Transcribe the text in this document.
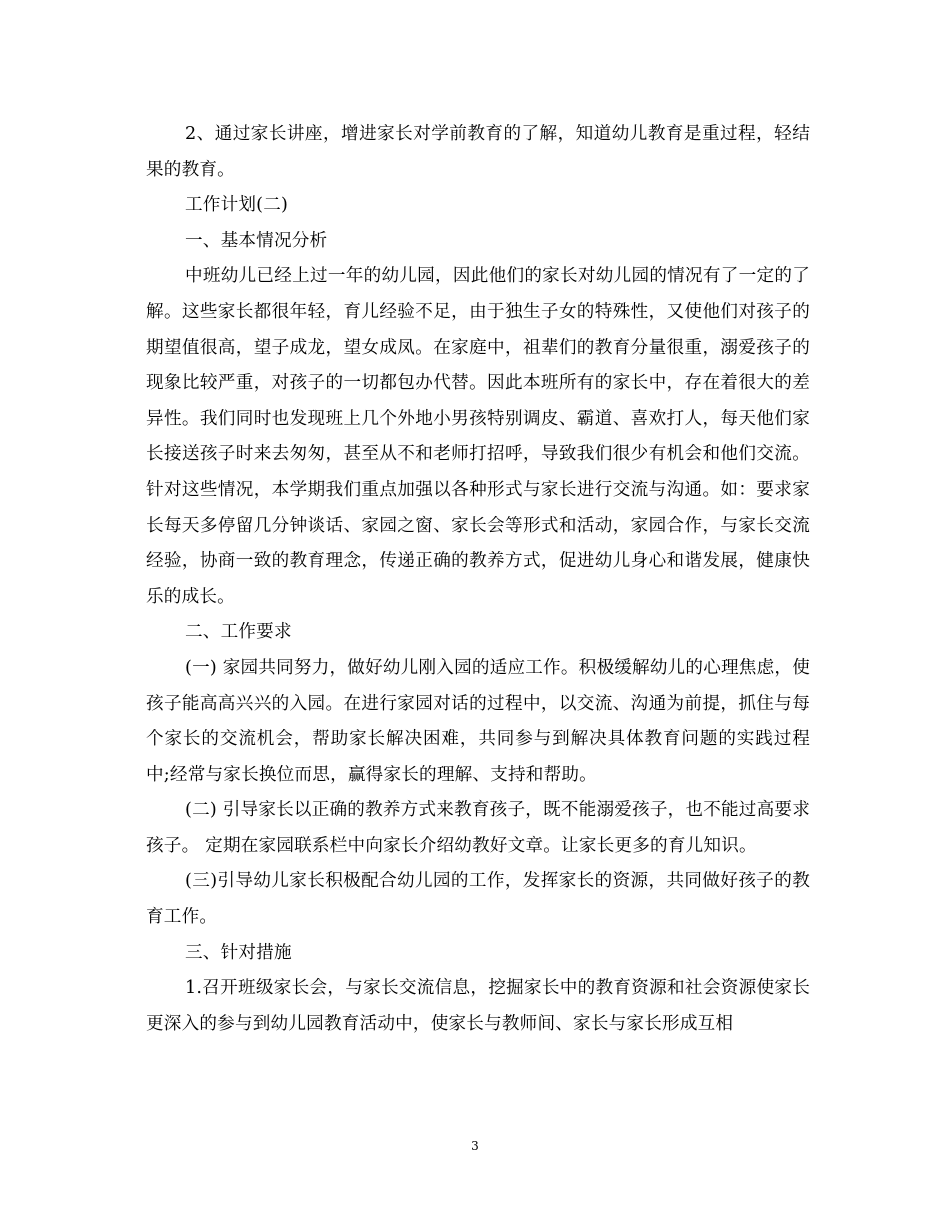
2、通过家长讲座，增进家长对学前教育的了解，知道幼儿教育是重过程，轻结果的教育。

工作计划(二)

一、基本情况分析

中班幼儿已经上过一年的幼儿园，因此他们的家长对幼儿园的情况有了一定的了解。这些家长都很年轻，育儿经验不足，由于独生子女的特殊性，又使他们对孩子的期望值很高，望子成龙，望女成凤。在家庭中，祖辈们的教育分量很重，溺爱孩子的现象比较严重，对孩子的一切都包办代替。因此本班所有的家长中，存在着很大的差异性。我们同时也发现班上几个外地小男孩特别调皮、霸道、喜欢打人，每天他们家长接送孩子时来去匆匆，甚至从不和老师打招呼，导致我们很少有机会和他们交流。针对这些情况，本学期我们重点加强以各种形式与家长进行交流与沟通。如：要求家长每天多停留几分钟谈话、家园之窗、家长会等形式和活动，家园合作，与家长交流经验，协商一致的教育理念，传递正确的教养方式，促进幼儿身心和谐发展，健康快乐的成长。

二、工作要求

(一) 家园共同努力，做好幼儿刚入园的适应工作。积极缓解幼儿的心理焦虑，使孩子能高高兴兴的入园。在进行家园对话的过程中，以交流、沟通为前提，抓住与每个家长的交流机会，帮助家长解决困难，共同参与到解决具体教育问题的实践过程中;经常与家长换位而思，赢得家长的理解、支持和帮助。

(二) 引导家长以正确的教养方式来教育孩子，既不能溺爱孩子，也不能过高要求孩子。 定期在家园联系栏中向家长介绍幼教好文章。让家长更多的育儿知识。

(三)引导幼儿家长积极配合幼儿园的工作，发挥家长的资源，共同做好孩子的教育工作。

三、针对措施

1.召开班级家长会，与家长交流信息，挖掘家长中的教育资源和社会资源使家长更深入的参与到幼儿园教育活动中，使家长与教师间、家长与家长形成互相

3
